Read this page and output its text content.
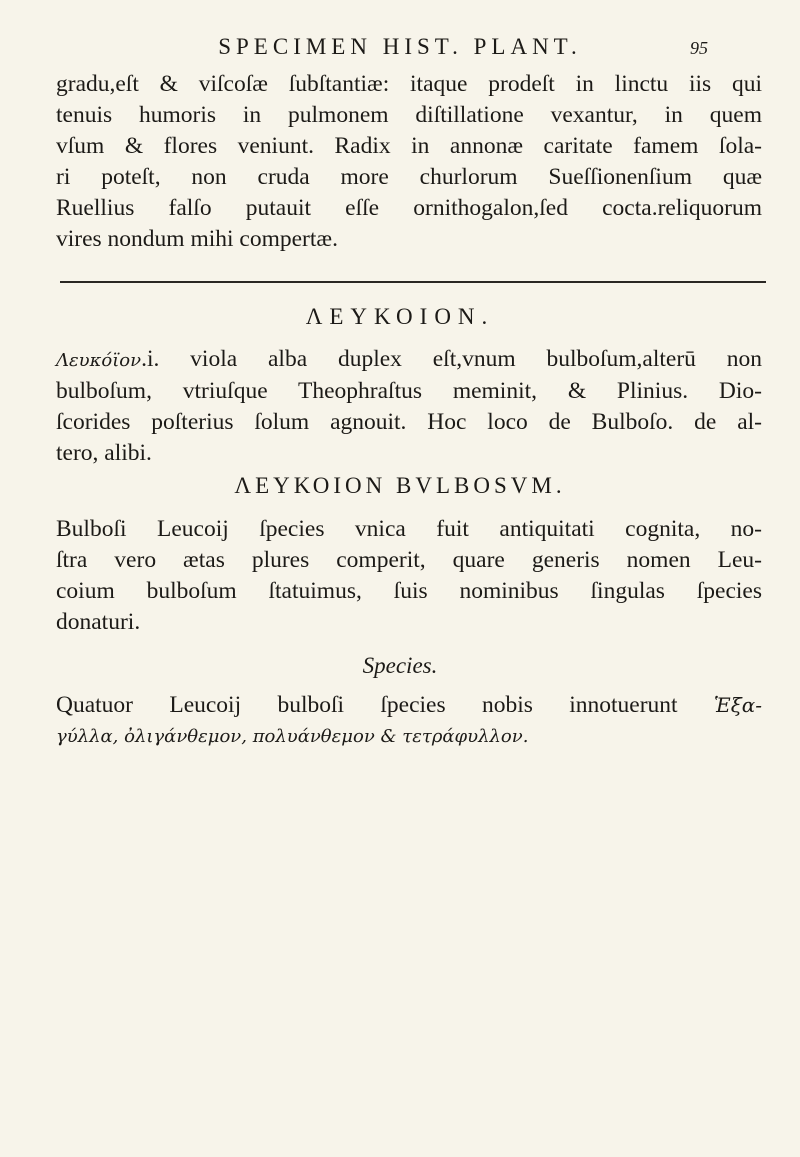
SPECIMEN HIST. PLANT.	95
gradu,eſt & viſcoſæ ſubſtantiæ: itaque prodeſt in linctu iis qui
tenuis humoris in pulmonem diſtillatione vexantur, in quem
vſum & flores veniunt. Radix in annonæ caritate famem ſola-
ri poteſt, non cruda more churlorum Sueſſionenſium quæ
Ruellius falſo putauit eſſe ornithogalon,ſed cocta.reliquorum
vires nondum mihi compertæ.
ΛΕΥΚΟΙΟΝ.
Λευκόϊον.i. viola alba duplex eſt,vnum bulboſum,alterū non
bulboſum, vtriuſque Theophraſtus meminit, & Plinius. Dio-
ſcorides poſterius ſolum agnouit. Hoc loco de Bulboſo. de al-
tero, alibi.
ΛΕΥΚΟΙΟΝ BVLBOSVM.
Bulboſi Leucoij ſpecies vnica fuit antiquitati cognita, no-
ſtra vero ætas plures comperit, quare generis nomen Leu-
coium bulboſum ſtatuimus, ſuis nominibus ſingulas ſpecies
donaturi.
Species.
Quatuor Leucoij bulboſi ſpecies nobis innotuerunt Ἑξα-
γύλλα, ὀλιγάνθεμον, πολυάνθεμον & τετράφυλλον.
